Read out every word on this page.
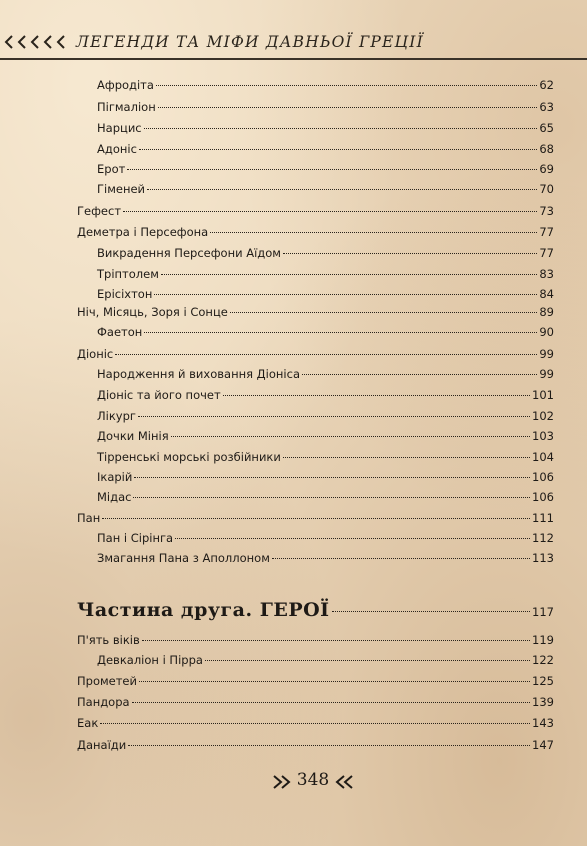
ЛЕГЕНДИ ТА МІФИ ДАВНЬОЇ ГРЕЦІЇ
Афродіта	62
Пігмаліон	63
Нарцис	65
Адоніс	68
Ерот	69
Гіменей	70
Гефест	73
Деметра і Персефона	77
Викрадення Персефони Аїдом	77
Тріптолем	83
Ерісіхтон	84
Ніч, Місяць, Зоря і Сонце	89
Фаетон	90
Діоніс	99
Народження й виховання Діоніса	99
Діоніс та його почет	101
Лікург	102
Дочки Мінія	103
Тірренські морські розбійники	104
Ікарій	106
Мідас	106
Пан	111
Пан і Сірінга	112
Змагання Пана з Аполлоном	113
Частина друга. ГЕРОЇ	117
П'ять віків	119
Девкаліон і Пірра	122
Прометей	125
Пандора	139
Еак	143
Данаїди	147
348
